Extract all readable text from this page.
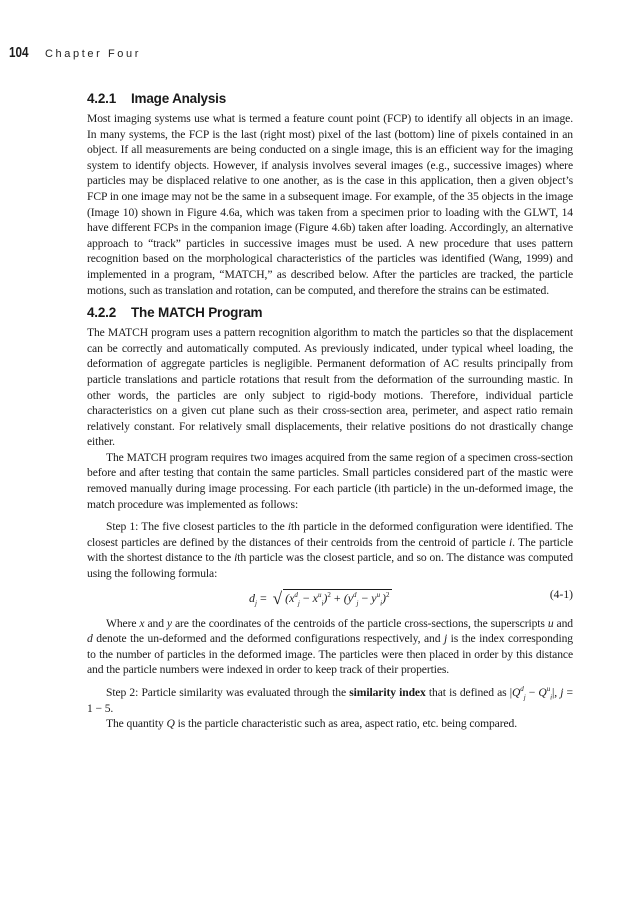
104 Chapter Four
4.2.1 Image Analysis

Most imaging systems use what is termed a feature count point (FCP) to identify all objects in an image. In many systems, the FCP is the last (right most) pixel of the last (bottom) line of pixels contained in an object. If all measurements are being conducted on a single image, this is an efficient way for the imaging system to identify objects. However, if analysis involves several images (e.g., successive images) where particles may be displaced relative to one another, as is the case in this application, then a given object’s FCP in one image may not be the same in a subsequent image. For example, of the 35 objects in the image (Image 10) shown in Figure 4.6a, which was taken from a specimen prior to loading with the GLWT, 14 have different FCPs in the companion image (Figure 4.6b) taken after loading. Accordingly, an alternative approach to “track” particles in successive images must be used. A new procedure that uses pattern recognition based on the morphological characteristics of the particles was identified (Wang, 1999) and implemented in a program, “MATCH,” as described below. After the particles are tracked, the particle motions, such as translation and rotation, can be computed, and therefore the strains can be estimated.

4.2.2 The MATCH Program

The MATCH program uses a pattern recognition algorithm to match the particles so that the displacement can be correctly and automatically computed. As previously indicated, under typical wheel loading, the deformation of aggregate particles is negligible. Permanent deformation of AC results principally from particle translations and particle rotations that result from the deformation of the surrounding mastic. In other words, the particles are only subject to rigid-body motions. Therefore, individual particle characteristics on a given cut plane such as their cross-section area, perimeter, and aspect ratio remain relatively constant. For relatively small displacements, their relative positions do not drastically change either.

The MATCH program requires two images acquired from the same region of a specimen cross-section before and after testing that contain the same particles. Small particles considered part of the mastic were removed manually during image processing. For each particle (ith particle) in the un-deformed image, the match procedure was implemented as follows:

Step 1: The five closest particles to the ith particle in the deformed configuration were identified. The closest particles are defined by the distances of their centroids from the centroid of particle i. The particle with the shortest distance to the ith particle was the closest particle, and so on. The distance was computed using the following formula:

$d_j$ = √ $(x^d_j - x^u_i)^2 + (y^d_j - y^u_i)^2$	(4-1)

Where x and y are the coordinates of the centroids of the particle cross-sections, the superscripts u and d denote the un-deformed and the deformed configurations respectively, and j is the index corresponding to the number of particles in the deformed image. The particles were then placed in order by this distance and the particle numbers were indexed in order to keep track of their properties.

Step 2: Particle similarity was evaluated through the similarity index that is defined as $|Q^d_j - Q^u_i|$, j = 1 − 5.

The quantity Q is the particle characteristic such as area, aspect ratio, etc. being compared.
